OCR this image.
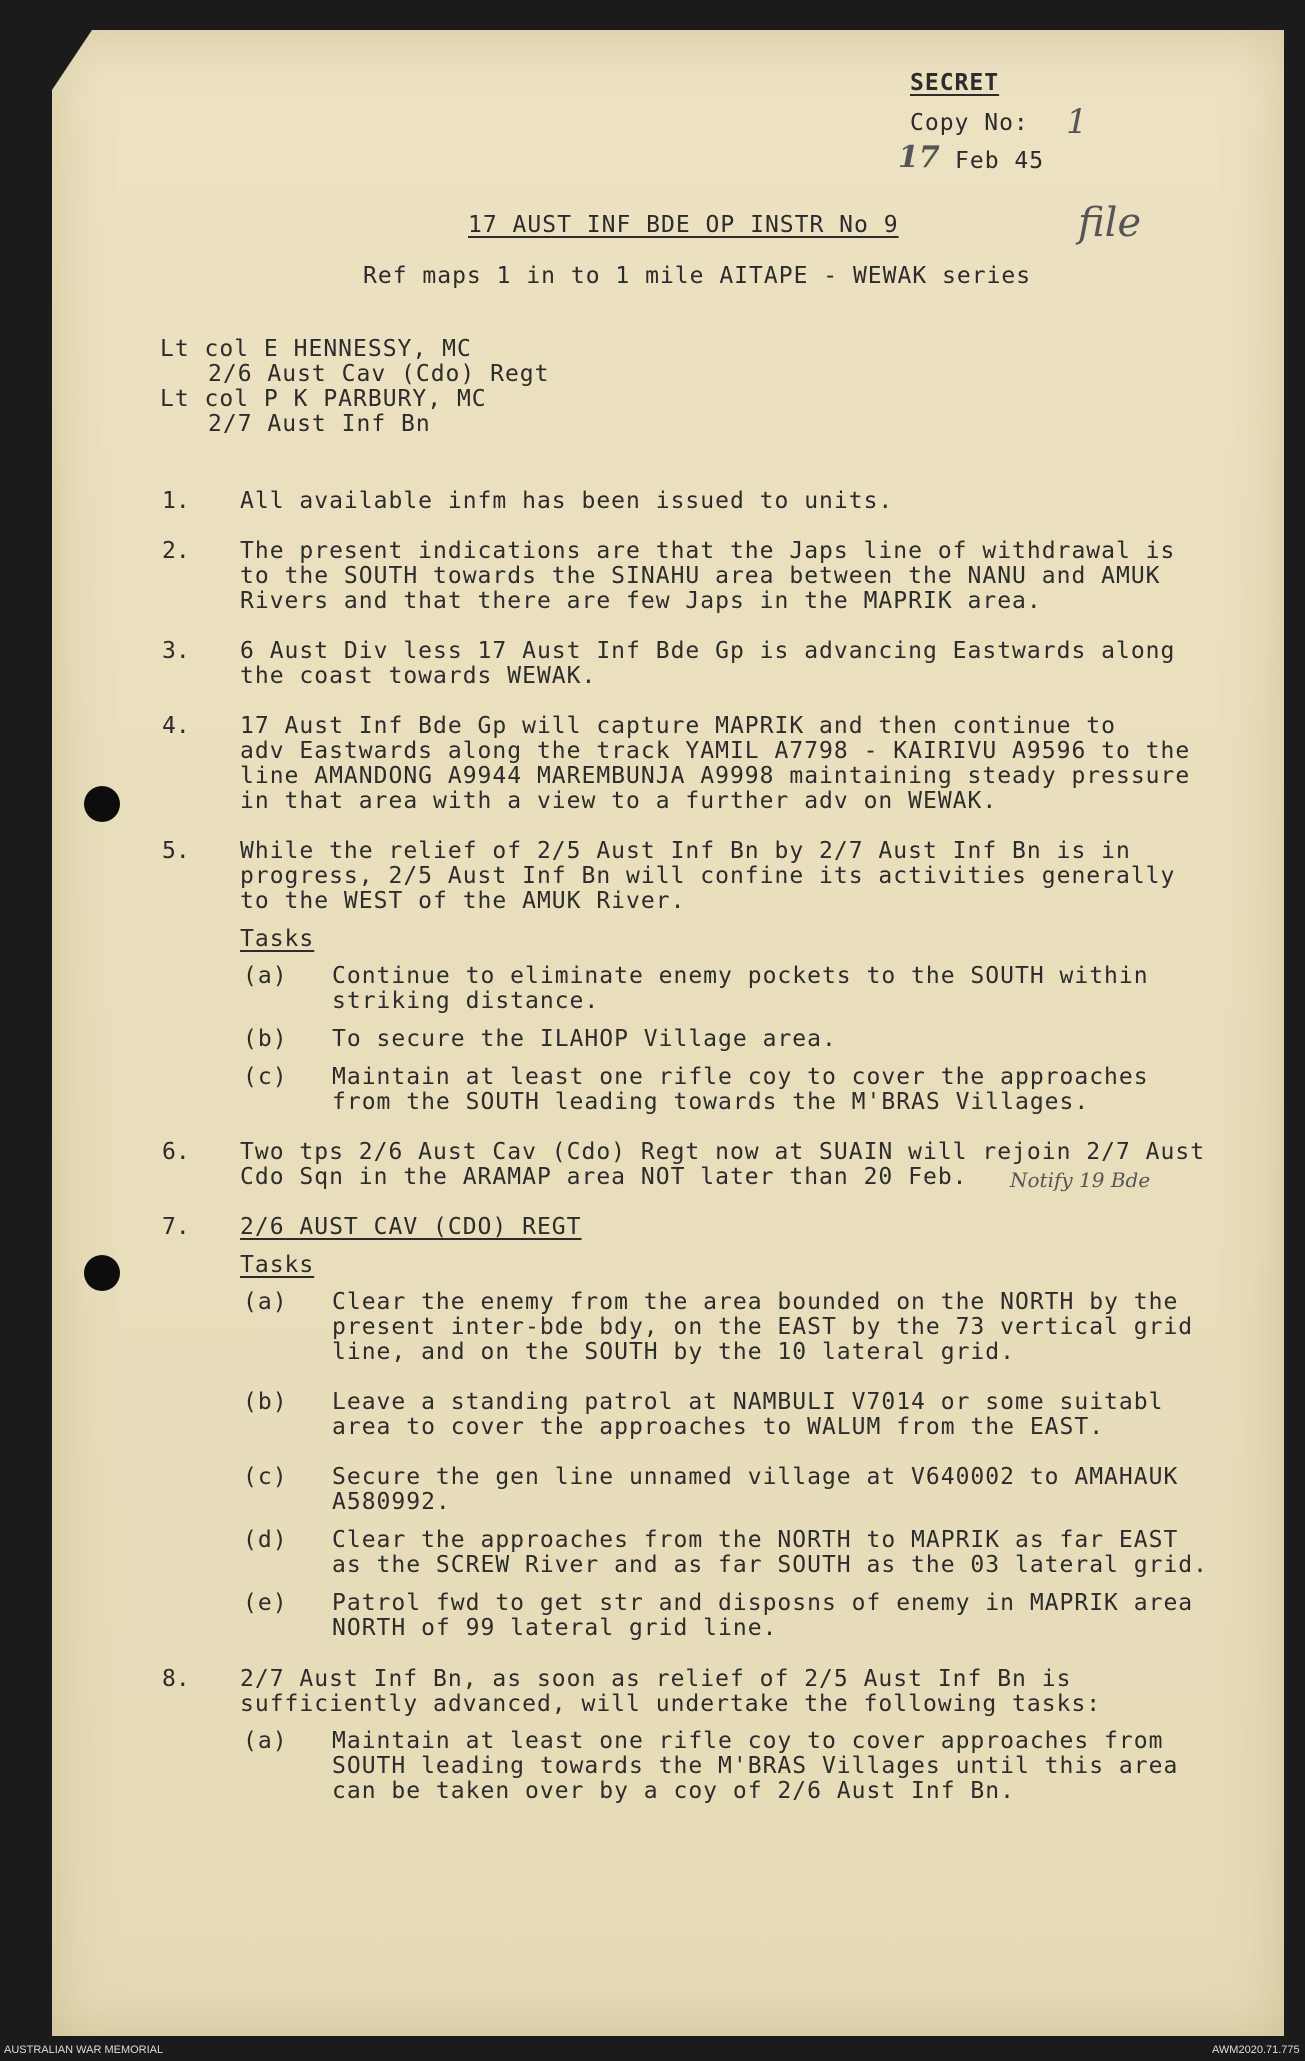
SECRET
Copy No: 1
17 Feb 45
file
17 AUST INF BDE OP INSTR No 9
Ref maps 1 in to 1 mile AITAPE - WEWAK series
Lt col E HENNESSY, MC
2/6 Aust Cav (Cdo) Regt
Lt col P K PARBURY, MC
2/7 Aust Inf Bn
1. All available infm has been issued to units.
2. The present indications are that the Japs line of withdrawal is
to the SOUTH towards the SINAHU area between the NANU and AMUK
Rivers and that there are few Japs in the MAPRIK area.
3. 6 Aust Div less 17 Aust Inf Bde Gp is advancing Eastwards along
the coast towards WEWAK.
4. 17 Aust Inf Bde Gp will capture MAPRIK and then continue to
adv Eastwards along the track YAMIL A7798 - KAIRIVU A9596 to the
line AMANDONG A9944 MAREMBUNJA A9998 maintaining steady pressure
in that area with a view to a further adv on WEWAK.
5. While the relief of 2/5 Aust Inf Bn by 2/7 Aust Inf Bn is in
progress, 2/5 Aust Inf Bn will confine its activities generally
to the WEST of the AMUK River.
Tasks
(a) Continue to eliminate enemy pockets to the SOUTH within
striking distance.
(b) To secure the ILAHOP Village area.
(c) Maintain at least one rifle coy to cover the approaches
from the SOUTH leading towards the M'BRAS Villages.
6. Two tps 2/6 Aust Cav (Cdo) Regt now at SUAIN will rejoin 2/7 Aust
Cdo Sqn in the ARAMAP area NOT later than 20 Feb. Notify 19 Bde
7. 2/6 AUST CAV (CDO) REGT
Tasks
(a) Clear the enemy from the area bounded on the NORTH by the
present inter-bde bdy, on the EAST by the 73 vertical grid
line, and on the SOUTH by the 10 lateral grid.
(b) Leave a standing patrol at NAMBULI V7014 or some suitabl
area to cover the approaches to WALUM from the EAST.
(c) Secure the gen line unnamed village at V640002 to AMAHAUK
A580992.
(d) Clear the approaches from the NORTH to MAPRIK as far EAST
as the SCREW River and as far SOUTH as the 03 lateral grid.
(e) Patrol fwd to get str and disposns of enemy in MAPRIK area
NORTH of 99 lateral grid line.
8. 2/7 Aust Inf Bn, as soon as relief of 2/5 Aust Inf Bn is
sufficiently advanced, will undertake the following tasks:
(a) Maintain at least one rifle coy to cover approaches from
SOUTH leading towards the M'BRAS Villages until this area
can be taken over by a coy of 2/6 Aust Inf Bn.
AUSTRALIAN WAR MEMORIAL	AWM2020.71.775
